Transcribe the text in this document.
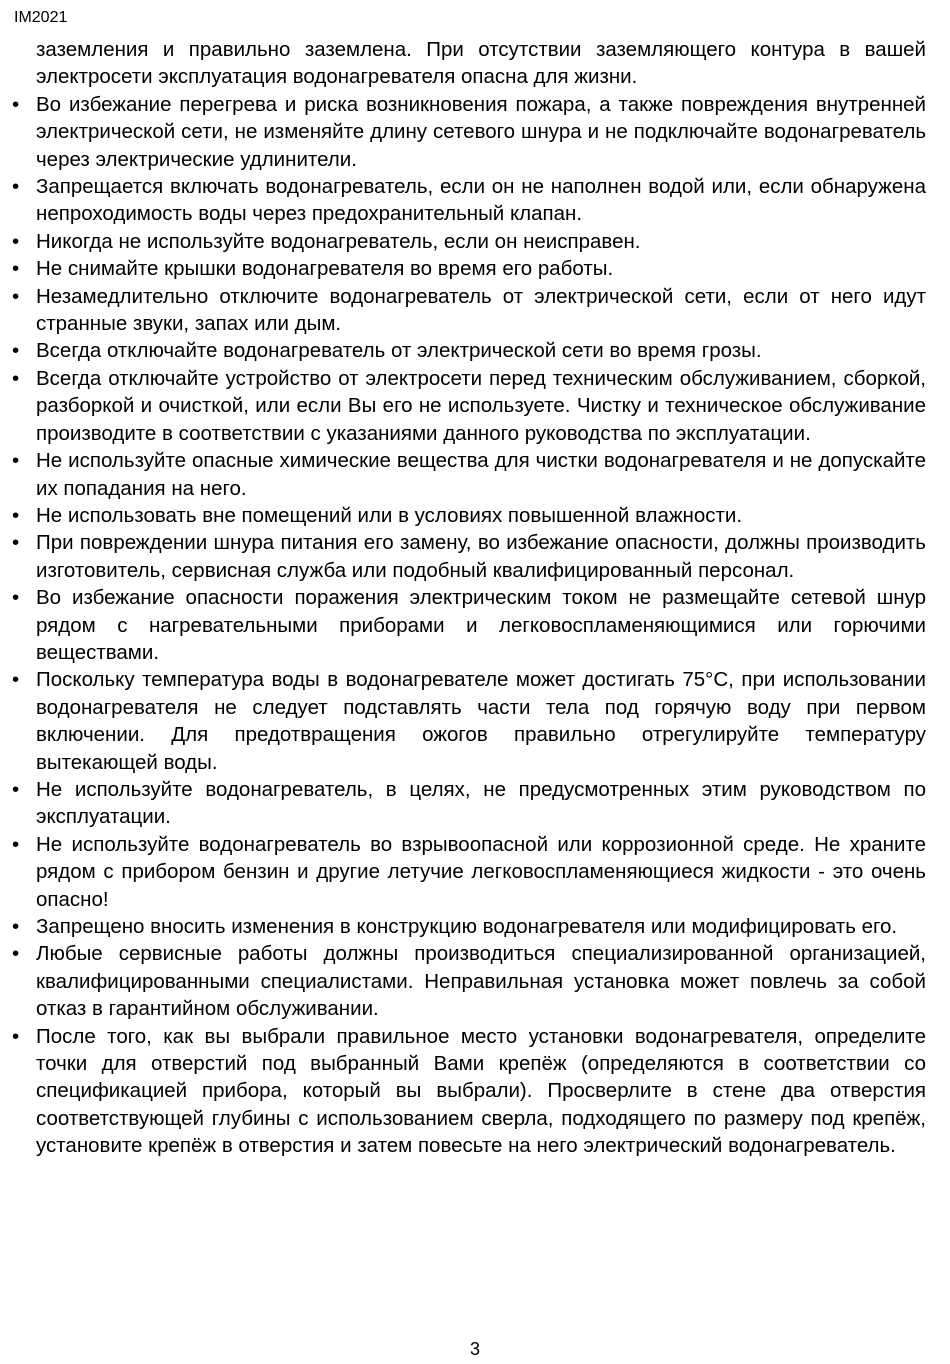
IM2021

заземления и правильно заземлена. При отсутствии заземляющего контура в вашей электросети эксплуатация водонагревателя опасна для жизни.

• Во избежание перегрева и риска возникновения пожара, а также повреждения внутренней электрической сети, не изменяйте длину сетевого шнура и не подключайте водонагреватель через электрические удлинители.
• Запрещается включать водонагреватель, если он не наполнен водой или, если обнаружена непроходимость воды через предохранительный клапан.
• Никогда не используйте водонагреватель, если он неисправен.
• Не снимайте крышки водонагревателя во время его работы.
• Незамедлительно отключите водонагреватель от электрической сети, если от него идут странные звуки, запах или дым.
• Всегда отключайте водонагреватель от электрической сети во время грозы.
• Всегда отключайте устройство от электросети перед техническим обслуживанием, сборкой, разборкой и очисткой, или если Вы его не используете. Чистку и техническое обслуживание производите в соответствии с указаниями данного руководства по эксплуатации.
• Не используйте опасные химические вещества для чистки водонагревателя и не допускайте их попадания на него.
• Не использовать вне помещений или в условиях повышенной влажности.
• При повреждении шнура питания его замену, во избежание опасности, должны производить изготовитель, сервисная служба или подобный квалифицированный персонал.
• Во избежание опасности поражения электрическим током не размещайте сетевой шнур рядом с нагревательными приборами и легковоспламеняющимися или горючими веществами.
• Поскольку температура воды в водонагревателе может достигать 75°C, при использовании водонагревателя не следует подставлять части тела под горячую воду при первом включении. Для предотвращения ожогов правильно отрегулируйте температуру вытекающей воды.
• Не используйте водонагреватель, в целях, не предусмотренных этим руководством по эксплуатации.
• Не используйте водонагреватель во взрывоопасной или коррозионной среде. Не храните рядом с прибором бензин и другие летучие легковоспламеняющиеся жидкости - это очень опасно!
• Запрещено вносить изменения в конструкцию водонагревателя или модифицировать его.
• Любые сервисные работы должны производиться специализированной организацией, квалифицированными специалистами. Неправильная установка может повлечь за собой отказ в гарантийном обслуживании.
• После того, как вы выбрали правильное место установки водонагревателя, определите точки для отверстий под выбранный Вами крепёж (определяются в соответствии со спецификацией прибора, который вы выбрали). Просверлите в стене два отверстия соответствующей глубины с использованием сверла, подходящего по размеру под крепёж, установите крепёж в отверстия и затем повесьте на него электрический водонагреватель.
3
